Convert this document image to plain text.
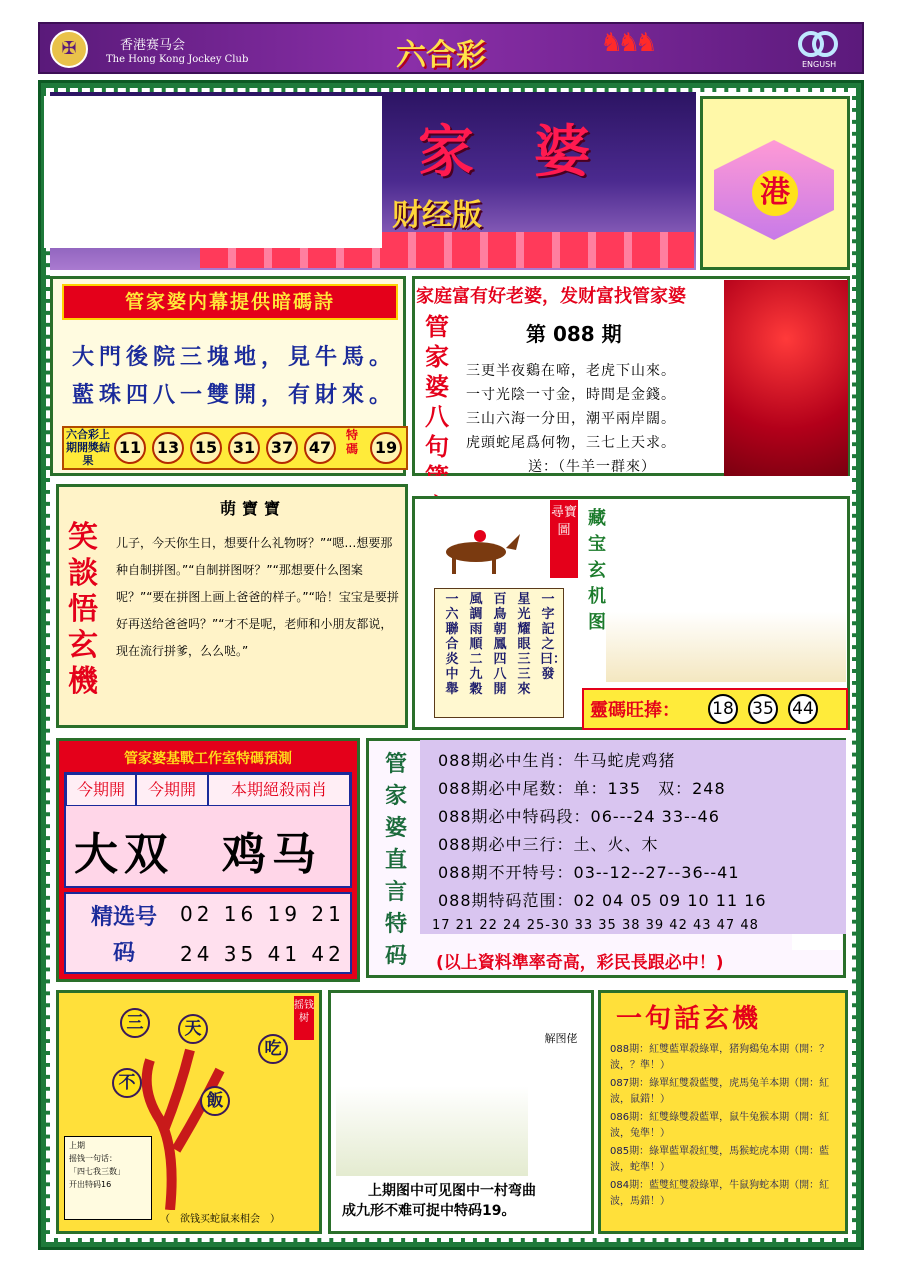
✠	香港赛马会
The Hong Kong Jockey Club	六合彩	♞♞♞
ENGUSH
家婆
财经版
港
管家婆内幕提供暗碼詩
大門後院三塊地，見牛馬。
藍珠四八一雙開，有財來。
六合彩上期開獎結果
11 13 15 31 37 47
特碼	19
家庭富有好老婆，发财富找管家婆
管家婆八句
第 088 期
三更半夜鷄在啼，老虎下山來。
一寸光陰一寸金，時間是金錢。
三山六海一分田，潮平兩岸闊。
虎頭蛇尾爲何物，三七上天求。
送：（牛羊一群來）
笑談悟玄機
萌寶寶
儿子，今天你生日，想要什么礼物呀？”“嗯…想要那种自制拼图。”“自制拼图呀？”“那想要什么图案呢？”“要在拼图上画上爸爸的样子。”“哈！宝宝是要拼好再送给爸爸吗？”“才不是呢，老师和小朋友都说，现在流行拼爹，么么哒。”
一字記之曰：發
星光耀眼三三來
百鳥朝鳳四八開
風調雨順二九穀
一六聯合炎中舉
尋寶圖
藏宝玄机图
靈碼旺捧： 18 35 44
管家婆基戰工作室特碼預測
今期開	今期開	本期絕殺兩肖
大双 鸡马
精选号码
02 16 19 21
24 35 41 42
管家婆直言特码
088期必中生肖：牛马蛇虎鸡猪
088期必中尾数：单：135　双：248
088期必中特码段：06---24 33--46
088期必中三行：土、火、木
088期不开特号：03--12--27--36--41
088期特码范围：02 04 05 09 10 11 16
17 21 22 24 25-30 33 35 38 39 42 43 47 48
(以上資料準率奇高，彩民長跟必中！)
摇钱树
三	天
吃
不
飯
上期
摇钱一句话：
「四七我三数」
开出特码16
（　欲钱买蛇鼠来相会　）
解图佬
上期图中可见图中一村弯曲
成九形不难可捉中特码19。
一句話玄機
088期：紅雙藍單殺綠單，猪狗鷄兔本期（開：？波，？準！）
087期：綠單紅雙殺藍雙，虎馬兔羊本期（開：紅波，鼠錯！）
086期：紅雙綠雙殺藍單，鼠牛兔猴本期（開：紅波，兔準！）
085期：綠單藍單殺紅雙，馬猴蛇虎本期（開：藍波，蛇準！）
084期：藍雙紅雙殺綠單，牛鼠狗蛇本期（開：紅波，馬錯！）
